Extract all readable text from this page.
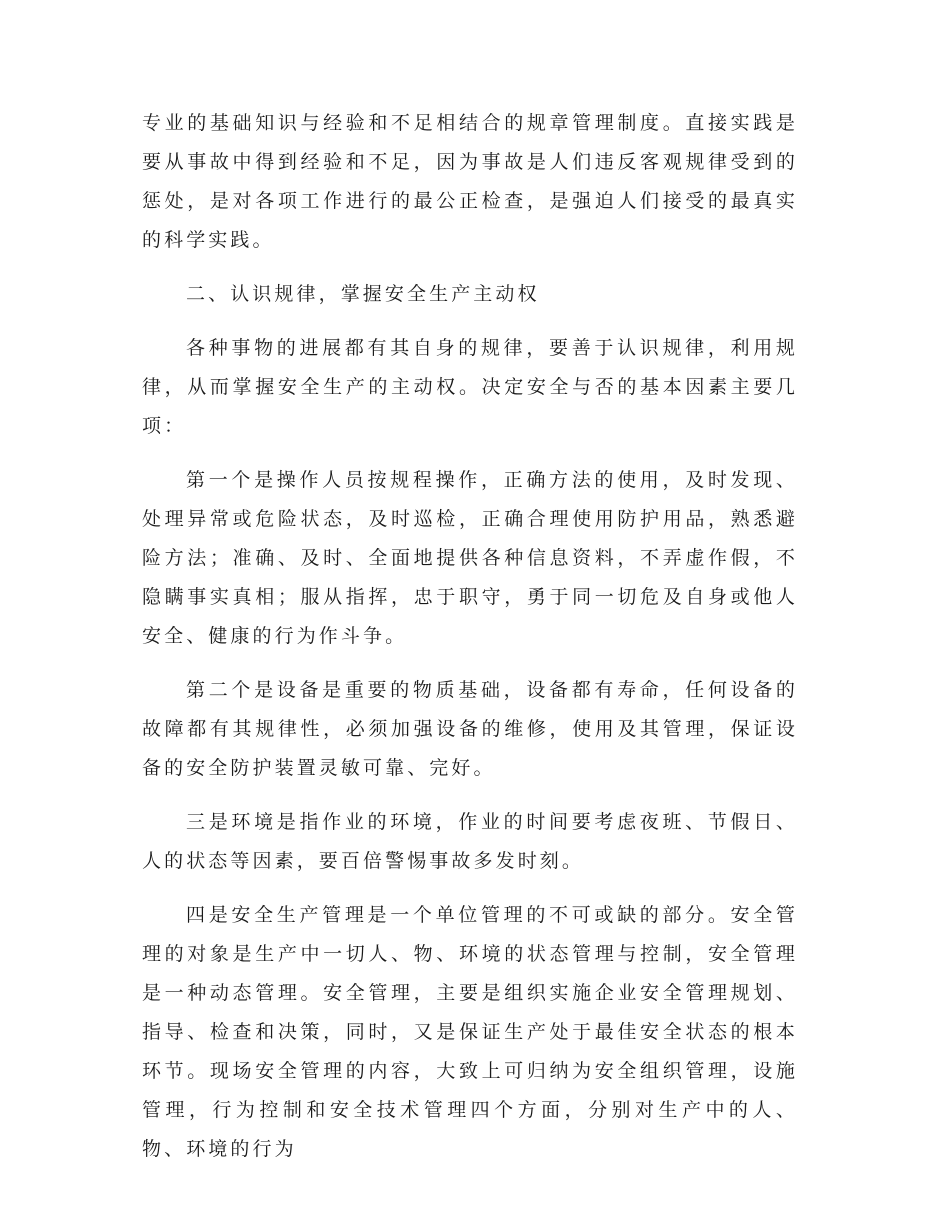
专业的基础知识与经验和不足相结合的规章管理制度。直接实践是要从事故中得到经验和不足，因为事故是人们违反客观规律受到的惩处，是对各项工作进行的最公正检查，是强迫人们接受的最真实的科学实践。

二、认识规律，掌握安全生产主动权

各种事物的进展都有其自身的规律，要善于认识规律，利用规律，从而掌握安全生产的主动权。决定安全与否的基本因素主要几项：

第一个是操作人员按规程操作，正确方法的使用，及时发现、处理异常或危险状态，及时巡检，正确合理使用防护用品，熟悉避险方法；准确、及时、全面地提供各种信息资料，不弄虚作假，不隐瞒事实真相；服从指挥，忠于职守，勇于同一切危及自身或他人安全、健康的行为作斗争。

第二个是设备是重要的物质基础，设备都有寿命，任何设备的故障都有其规律性，必须加强设备的维修，使用及其管理，保证设备的安全防护装置灵敏可靠、完好。

三是环境是指作业的环境，作业的时间要考虑夜班、节假日、人的状态等因素，要百倍警惕事故多发时刻。

四是安全生产管理是一个单位管理的不可或缺的部分。安全管理的对象是生产中一切人、物、环境的状态管理与控制，安全管理是一种动态管理。安全管理，主要是组织实施企业安全管理规划、指导、检查和决策，同时，又是保证生产处于最佳安全状态的根本环节。现场安全管理的内容，大致上可归纳为安全组织管理，设施管理，行为控制和安全技术管理四个方面，分别对生产中的人、物、环境的行为
